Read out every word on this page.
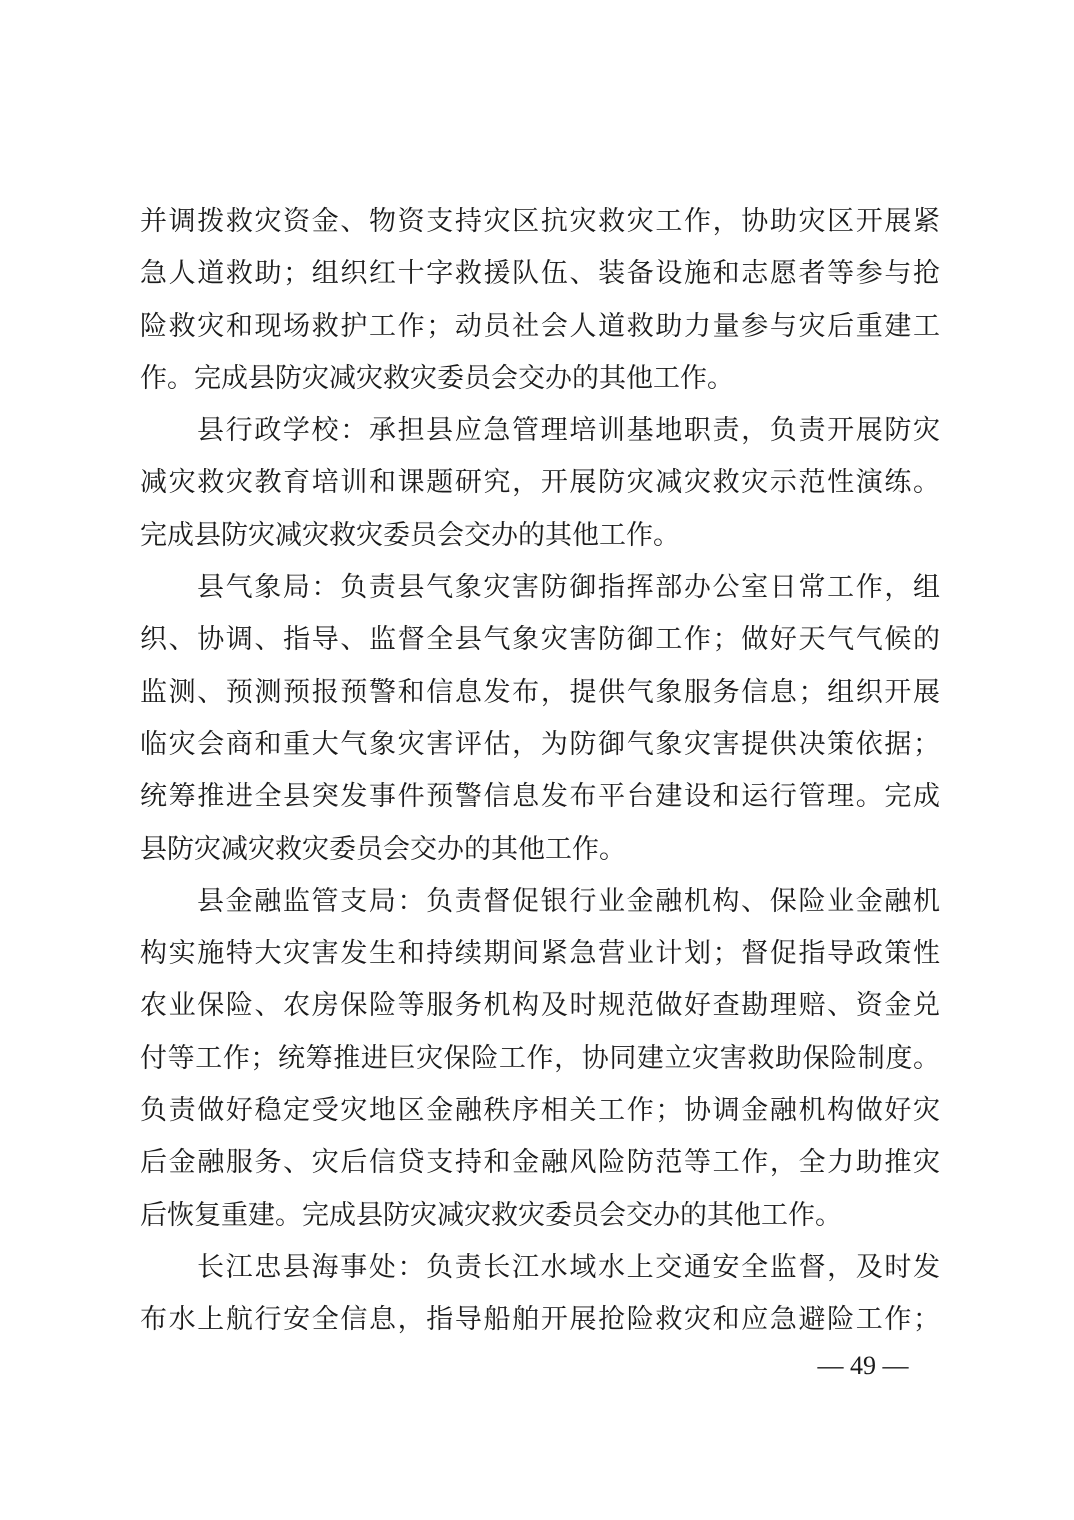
并调拨救灾资金、物资支持灾区抗灾救灾工作，协助灾区开展紧
急人道救助；组织红十字救援队伍、装备设施和志愿者等参与抢
险救灾和现场救护工作；动员社会人道救助力量参与灾后重建工
作。完成县防灾减灾救灾委员会交办的其他工作。
县行政学校：承担县应急管理培训基地职责，负责开展防灾
减灾救灾教育培训和课题研究，开展防灾减灾救灾示范性演练。
完成县防灾减灾救灾委员会交办的其他工作。
县气象局：负责县气象灾害防御指挥部办公室日常工作，组
织、协调、指导、监督全县气象灾害防御工作；做好天气气候的
监测、预测预报预警和信息发布，提供气象服务信息；组织开展
临灾会商和重大气象灾害评估，为防御气象灾害提供决策依据；
统筹推进全县突发事件预警信息发布平台建设和运行管理。完成
县防灾减灾救灾委员会交办的其他工作。
县金融监管支局：负责督促银行业金融机构、保险业金融机
构实施特大灾害发生和持续期间紧急营业计划；督促指导政策性
农业保险、农房保险等服务机构及时规范做好查勘理赔、资金兑
付等工作；统筹推进巨灾保险工作，协同建立灾害救助保险制度。
负责做好稳定受灾地区金融秩序相关工作；协调金融机构做好灾
后金融服务、灾后信贷支持和金融风险防范等工作，全力助推灾
后恢复重建。完成县防灾减灾救灾委员会交办的其他工作。
长江忠县海事处：负责长江水域水上交通安全监督，及时发
布水上航行安全信息，指导船舶开展抢险救灾和应急避险工作；
— 49 —
